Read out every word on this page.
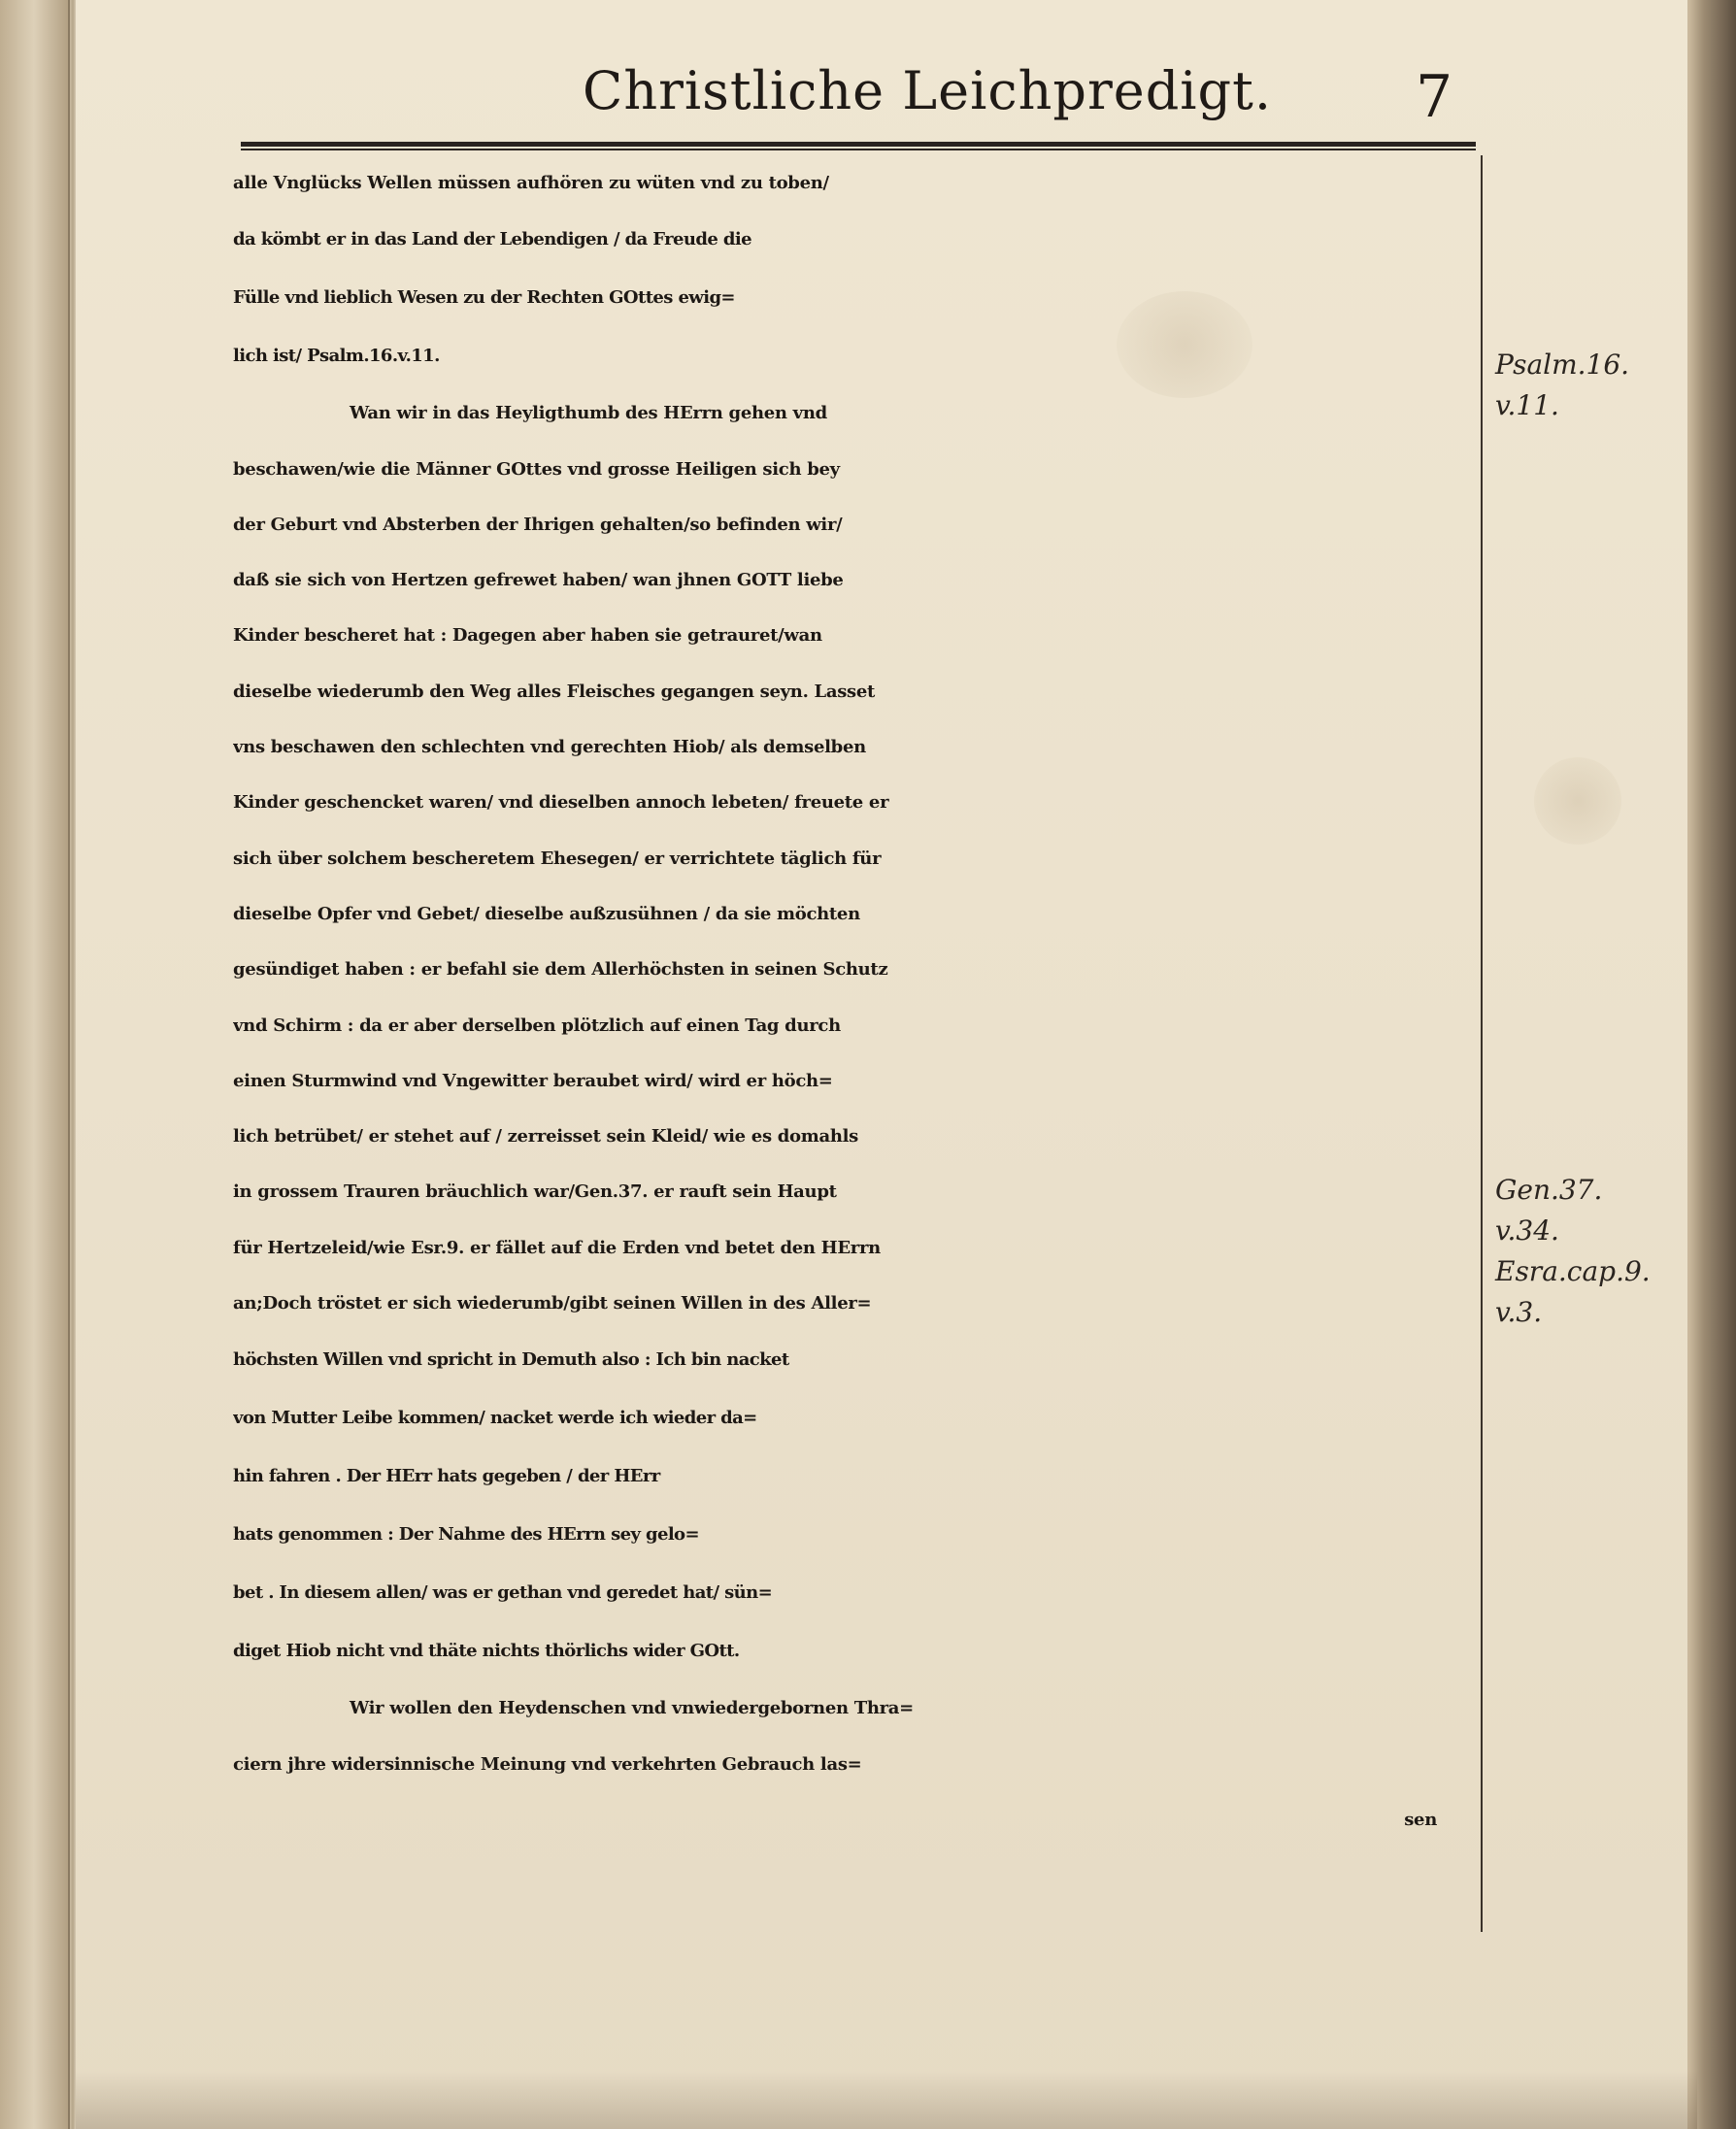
Christliche Leichpredigt. 7
alle Vnglücks Wellen müssen aufhören zu wüten vnd zu toben/
da kömbt er in das Land der Lebendigen / da Freude die
Fülle vnd lieblich Wesen zu der Rechten GOttes ewig=
lich ist/ Psalm.16.v.11.
Wan wir in das Heyligthumb des HErrn gehen vnd
beschawen/wie die Männer GOttes vnd grosse Heiligen sich bey
der Geburt vnd Absterben der Ihrigen gehalten/so befinden wir/
daß sie sich von Hertzen gefrewet haben/ wan jhnen GOTT liebe
Kinder bescheret hat : Dagegen aber haben sie getrauret/wan
dieselbe wiederumb den Weg alles Fleisches gegangen seyn. Lasset
vns beschawen den schlechten vnd gerechten Hiob/ als demselben
Kinder geschencket waren/ vnd dieselben annoch lebeten/ freuete er
sich über solchem bescheretem Ehesegen/ er verrichtete täglich für
dieselbe Opfer vnd Gebet/ dieselbe außzusühnen / da sie möchten
gesündiget haben : er befahl sie dem Allerhöchsten in seinen Schutz
vnd Schirm : da er aber derselben plötzlich auf einen Tag durch
einen Sturmwind vnd Vngewitter beraubet wird/ wird er höch=
lich betrübet/ er stehet auf / zerreisset sein Kleid/ wie es domahls
in grossem Trauren bräuchlich war/Gen.37. er rauft sein Haupt
für Hertzeleid/wie Esr.9. er fället auf die Erden vnd betet den HErrn
an;Doch tröstet er sich wiederumb/gibt seinen Willen in des Aller=
höchsten Willen vnd spricht in Demuth also : Ich bin nacket
von Mutter Leibe kommen/ nacket werde ich wieder da=
hin fahren . Der HErr hats gegeben / der HErr
hats genommen : Der Nahme des HErrn sey gelo=
bet . In diesem allen/ was er gethan vnd geredet hat/ sün=
diget Hiob nicht vnd thäte nichts thörlichs wider GOtt.
Wir wollen den Heydenschen vnd vnwiedergebornen Thra=
ciern jhre widersinnische Meinung vnd verkehrten Gebrauch las=
sen
Psalm.16.
v.11.
Gen.37.
v.34.
Esra.cap.9.
v.3.
